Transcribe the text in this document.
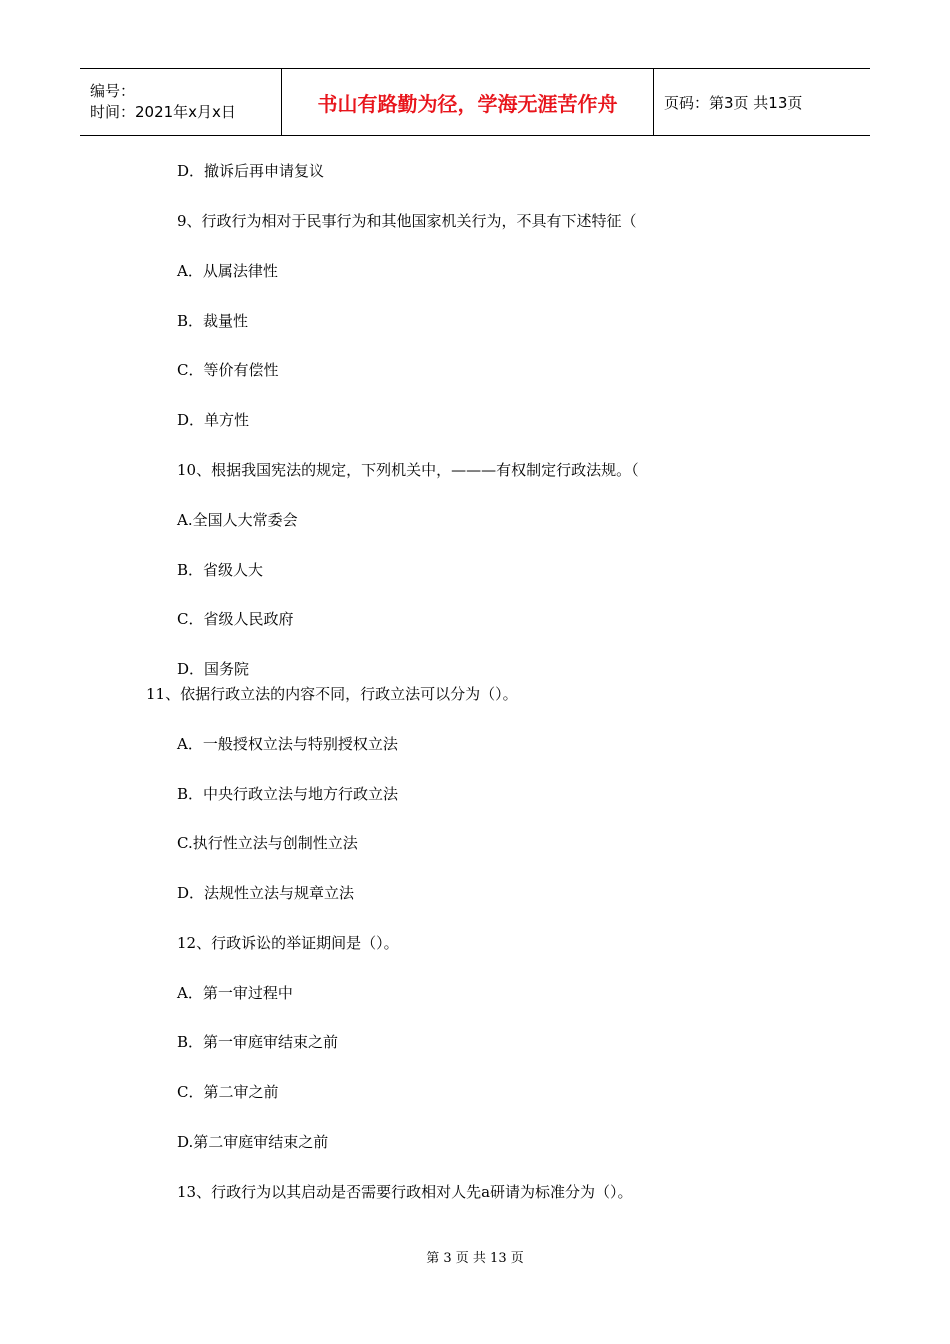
编号：
时间：2021年x月x日	书山有路勤为径，学海无涯苦作舟	页码：第3页 共13页
D．撤诉后再申请复议
9、行政行为相对于民事行为和其他国家机关行为，不具有下述特征（
A．从属法律性
B．裁量性
C．等价有偿性
D．单方性
10、根据我国宪法的规定，下列机关中，———有权制定行政法规。（
A.全国人大常委会
B．省级人大
C．省级人民政府
D．国务院
11、依据行政立法的内容不同，行政立法可以分为（）。
A．一般授权立法与特别授权立法
B．中央行政立法与地方行政立法
C.执行性立法与创制性立法
D．法规性立法与规章立法
12、行政诉讼的举证期间是（）。
A．第一审过程中
B．第一审庭审结束之前
C．第二审之前
D.第二审庭审结束之前
13、行政行为以其启动是否需要行政相对人先a研请为标准分为（）。
第 3 页 共 13 页
